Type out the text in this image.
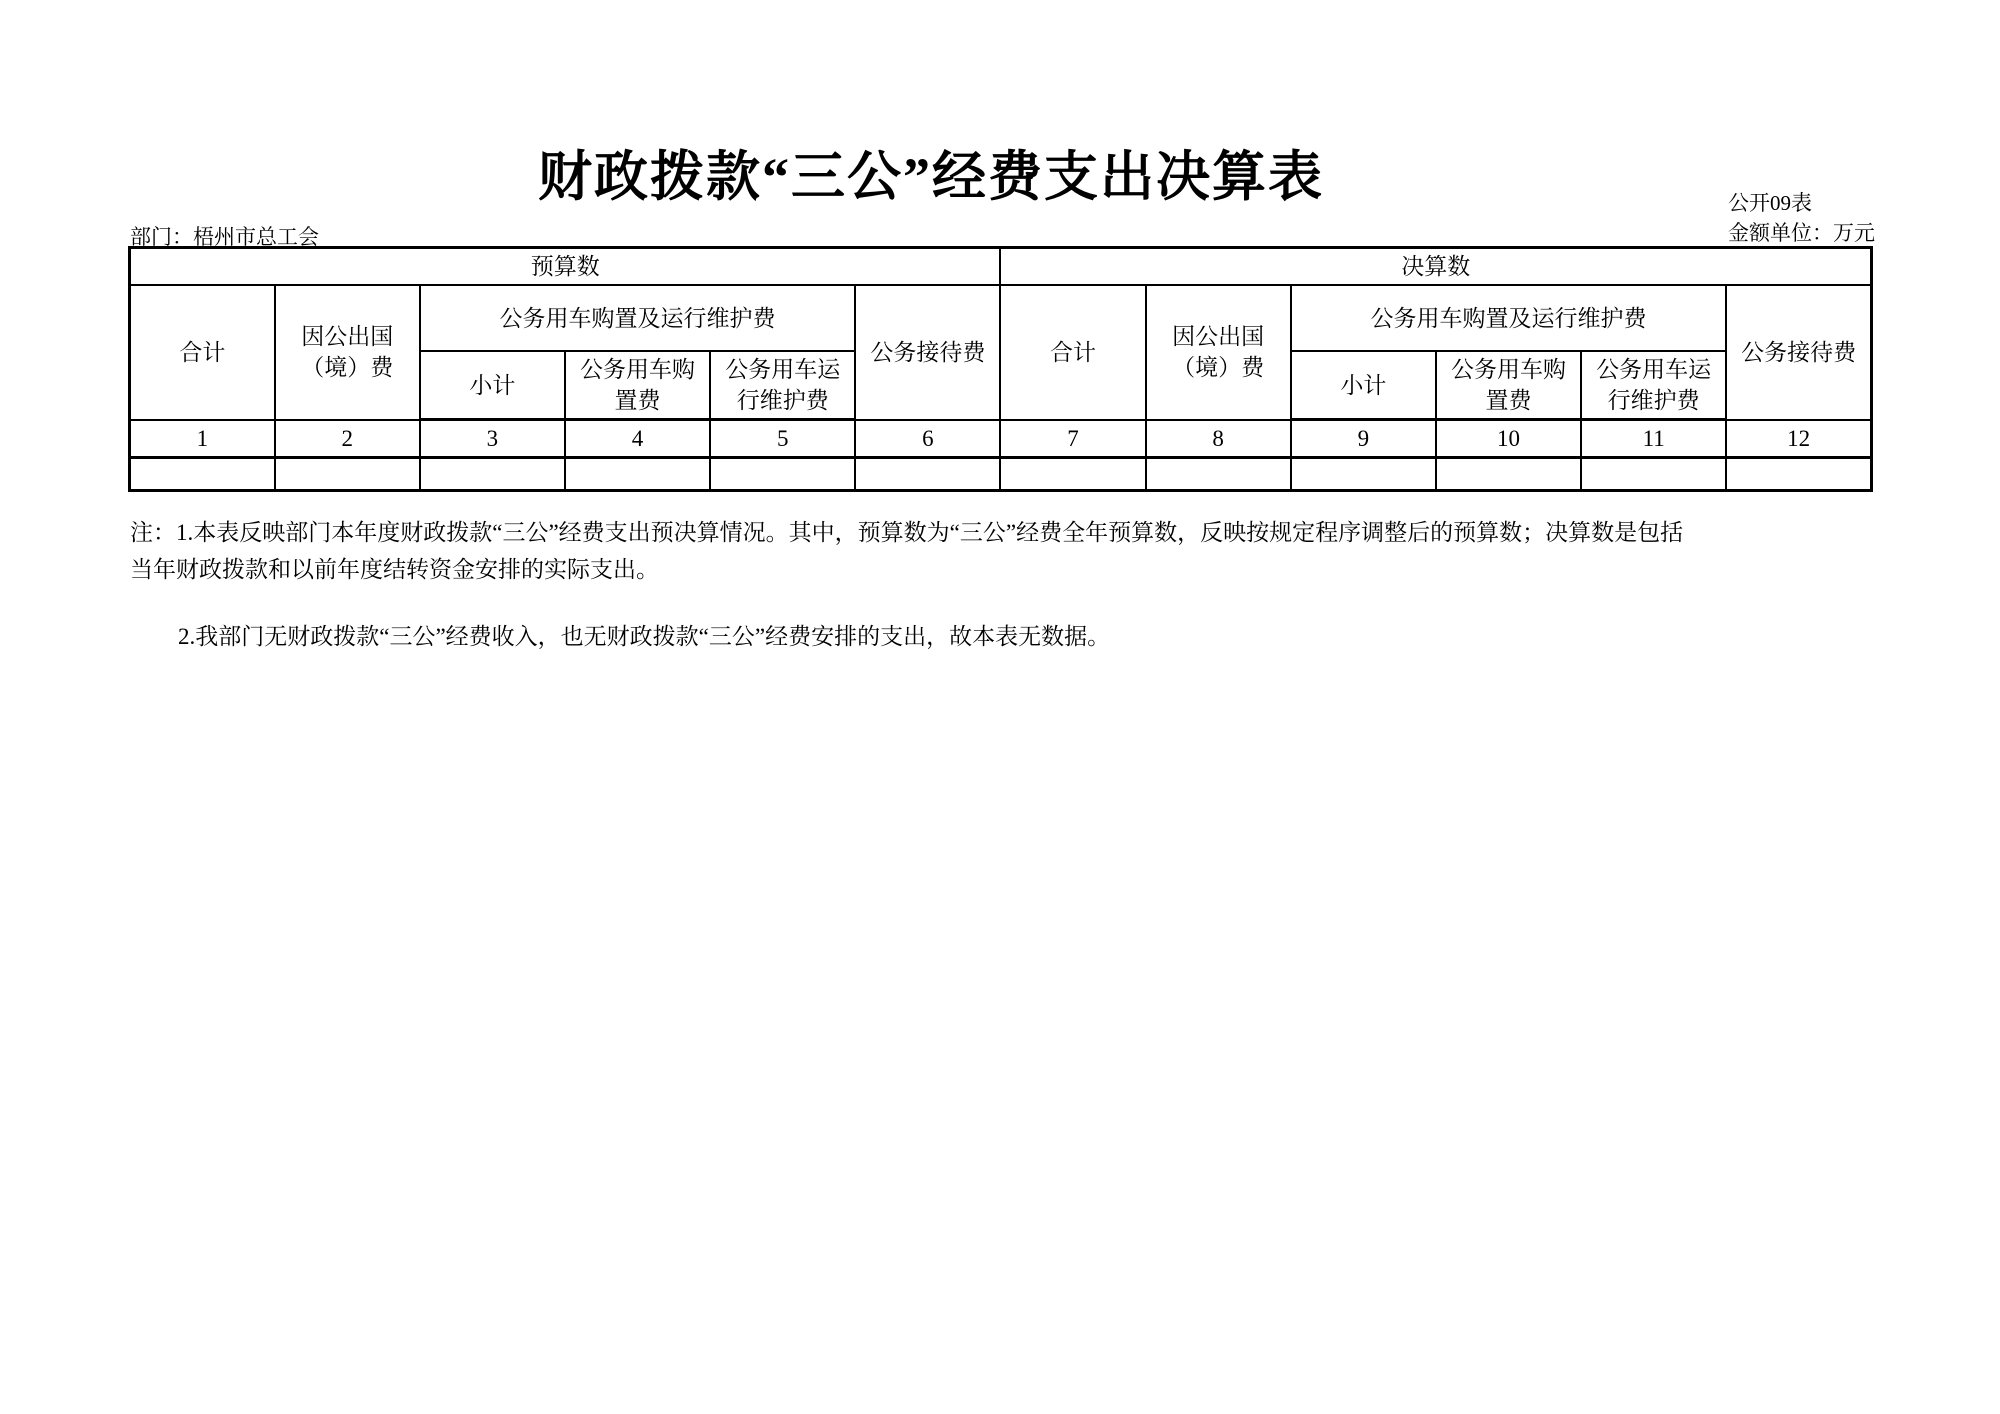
财政拨款“三公”经费支出决算表	公开09表
金额单位：万元
部门：梧州市总工会
预算数						决算数					
合计	因公出国（境）费	公务用车购置及运行维护费			公务接待费	合计	因公出国（境）费	公务用车购置及运行维护费			公务接待费
		小计	公务用车购置费	公务用车运行维护费				小计	公务用车购置费	公务用车运行维护费	
1	2	3	4	5	6	7	8	9	10	11	12

注：1.本表反映部门本年度财政拨款“三公”经费支出预决算情况。其中，预算数为“三公”经费全年预算数，反映按规定程序调整后的预算数；决算数是包括
当年财政拨款和以前年度结转资金安排的实际支出。
2.我部门无财政拨款“三公”经费收入，也无财政拨款“三公”经费安排的支出，故本表无数据。
